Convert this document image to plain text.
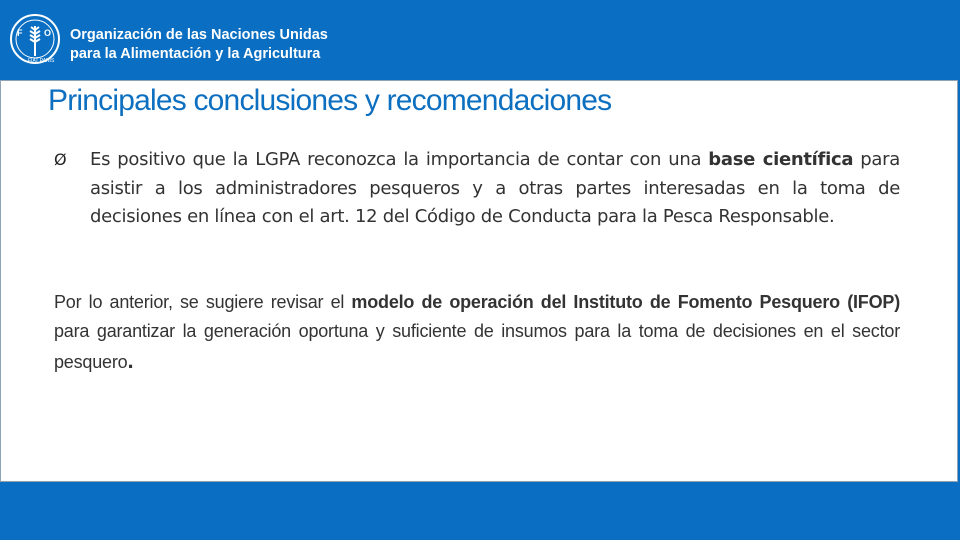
F O
FIAT PANIS
Organización de las Naciones Unidas
para la Alimentación y la Agricultura
Principales conclusiones y recomendaciones
Ø Es positivo que la LGPA reconozca la importancia de contar con una base científica para asistir a los administradores pesqueros y a otras partes interesadas en la toma de decisiones en línea con el art. 12 del Código de Conducta para la Pesca Responsable.
Por lo anterior, se sugiere revisar el modelo de operación del Instituto de Fomento Pesquero (IFOP) para garantizar la generación oportuna y suficiente de insumos para la toma de decisiones en el sector pesquero.
